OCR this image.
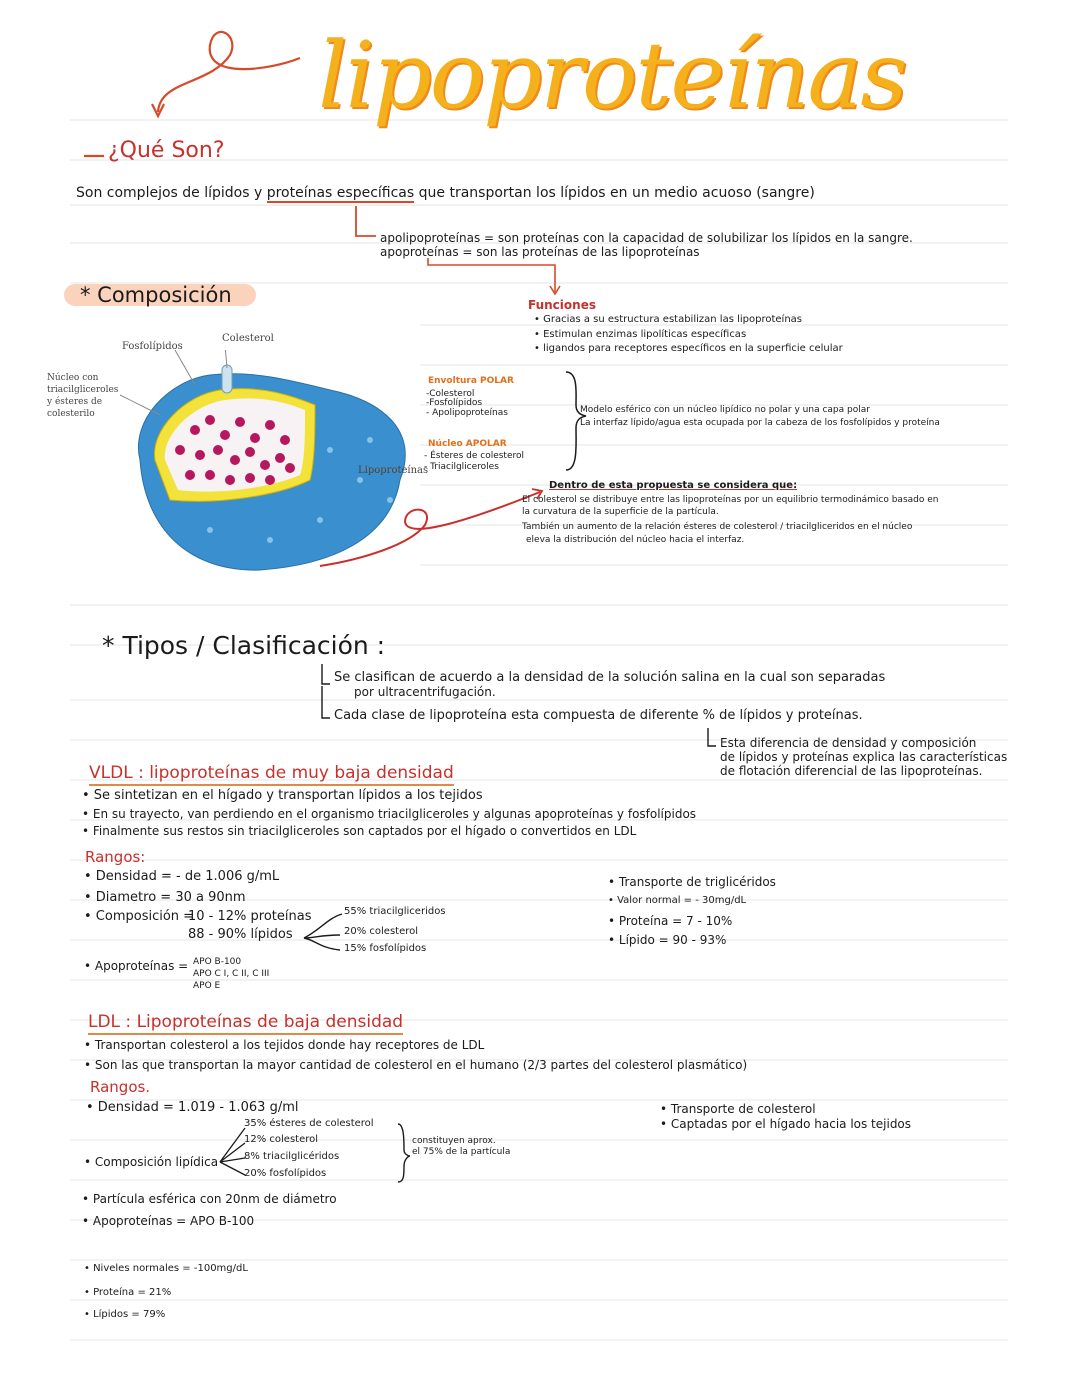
lipoproteínas
¿Qué Son?
Son complejos de lípidos y proteínas específicas que transportan los lípidos en un medio acuoso (sangre)
apolipoproteínas = son proteínas con la capacidad de solubilizar los lípidos en la sangre.
apoproteínas = son las proteínas de las lipoproteínas
* Composición
Fosfolípidos
Colesterol
Núcleo con
triacilgliceroles
y ésteres de
colesterilo
Lipoproteínas
Funciones
• Gracias a su estructura estabilizan las lipoproteínas
• Estimulan enzimas lipolíticas específicas
• ligandos para receptores específicos en la superficie celular
Envoltura POLAR
-Colesterol
-Fosfolípidos
- Apolipoproteínas
Núcleo APOLAR
- Ésteres de colesterol
- Triacilgliceroles
Modelo esférico con un núcleo lipídico no polar y una capa polar
La interfaz lípido/agua esta ocupada por la cabeza de los fosfolípidos y proteína
Dentro de esta propuesta se considera que:
El colesterol se distribuye entre las lipoproteínas por un equilibrio termodinámico basado en
la curvatura de la superficie de la partícula.
También un aumento de la relación ésteres de colesterol / triacilgliceridos en el núcleo
eleva la distribución del núcleo hacia el interfaz.
* Tipos / Clasificación :
Se clasifican de acuerdo a la densidad de la solución salina en la cual son separadas
por ultracentrifugación.
Cada clase de lipoproteína esta compuesta de diferente % de lípidos y proteínas.
Esta diferencia de densidad y composición
de lípidos y proteínas explica las características
de flotación diferencial de las lipoproteínas.
VLDL : lipoproteínas de muy baja densidad
• Se sintetizan en el hígado y transportan lípidos a los tejidos
• En su trayecto, van perdiendo en el organismo triacilgliceroles y algunas apoproteínas y fosfolípidos
• Finalmente sus restos sin triacilgliceroles son captados por el hígado o convertidos en LDL
Rangos:
• Densidad = - de 1.006 g/mL
• Diametro = 30 a 90nm
• Composición =
10 - 12% proteínas
88 - 90% lípidos
55% triacilgliceridos
20% colesterol
15% fosfolípidos
• Apoproteínas = APO B-100
APO C I, C II, C III
APO E
• Transporte de triglicéridos
• Valor normal = - 30mg/dL
• Proteína = 7 - 10%
• Lípido = 90 - 93%
LDL : Lipoproteínas de baja densidad
• Transportan colesterol a los tejidos donde hay receptores de LDL
• Son las que transportan la mayor cantidad de colesterol en el humano (2/3 partes del colesterol plasmático)
Rangos.
• Densidad = 1.019 - 1.063 g/ml
35% ésteres de colesterol
12% colesterol
8% triacilglicéridos
20% fosfolípidos
• Composición lipídica
constituyen aprox.
el 75% de la partícula
• Partícula esférica con 20nm de diámetro
• Apoproteínas = APO B-100
• Niveles normales = -100mg/dL
• Proteína = 21%
• Lípidos = 79%
• Transporte de colesterol
• Captadas por el hígado hacia los tejidos
